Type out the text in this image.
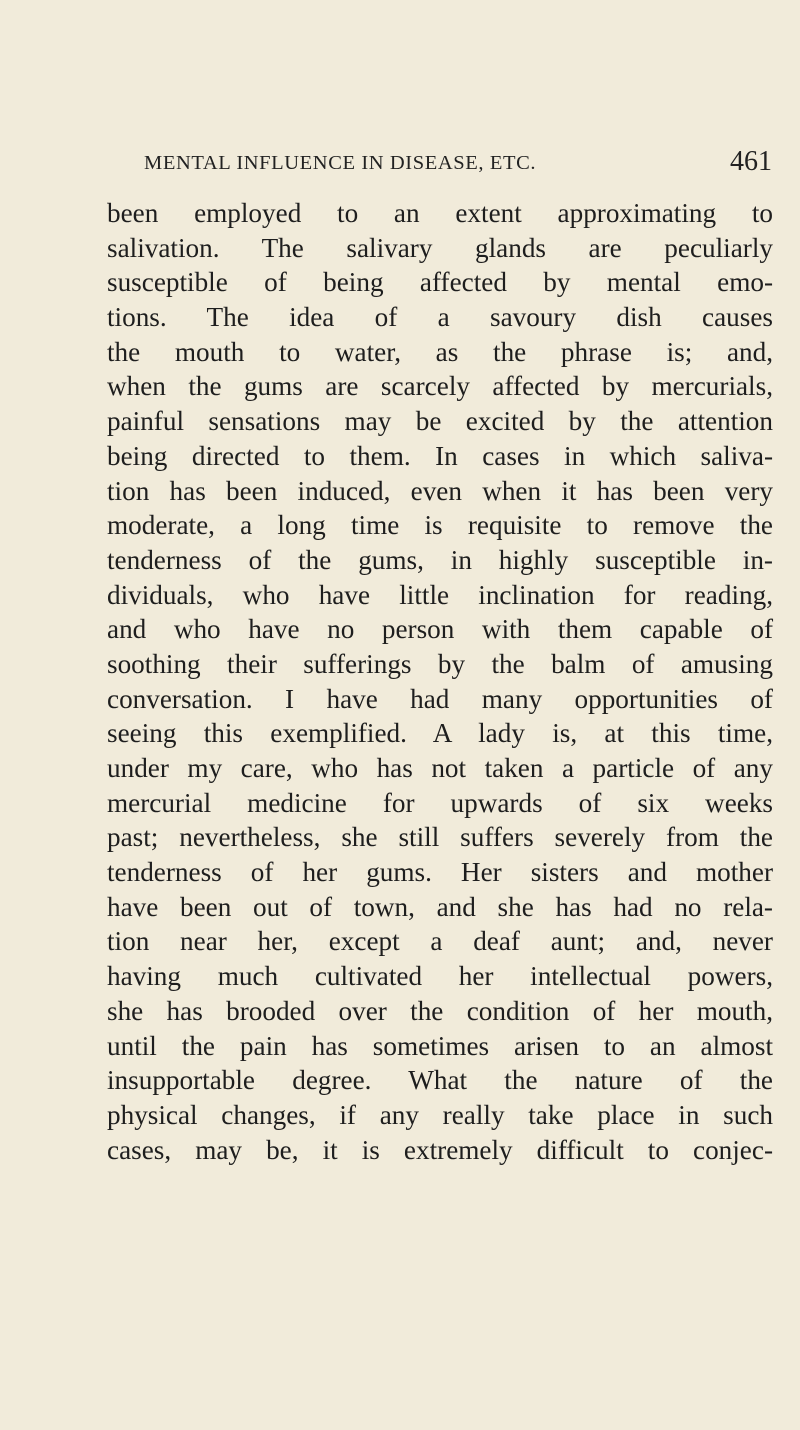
MENTAL INFLUENCE IN DISEASE, ETC.	461
been employed to an extent approximating to
salivation. The salivary glands are peculiarly
susceptible of being affected by mental emo-
tions. The idea of a savoury dish causes
the mouth to water, as the phrase is; and,
when the gums are scarcely affected by mercurials,
painful sensations may be excited by the attention
being directed to them. In cases in which saliva-
tion has been induced, even when it has been very
moderate, a long time is requisite to remove the
tenderness of the gums, in highly susceptible in-
dividuals, who have little inclination for reading,
and who have no person with them capable of
soothing their sufferings by the balm of amusing
conversation. I have had many opportunities of
seeing this exemplified. A lady is, at this time,
under my care, who has not taken a particle of any
mercurial medicine for upwards of six weeks
past; nevertheless, she still suffers severely from the
tenderness of her gums. Her sisters and mother
have been out of town, and she has had no rela-
tion near her, except a deaf aunt; and, never
having much cultivated her intellectual powers,
she has brooded over the condition of her mouth,
until the pain has sometimes arisen to an almost
insupportable degree. What the nature of the
physical changes, if any really take place in such
cases, may be, it is extremely difficult to conjec-
